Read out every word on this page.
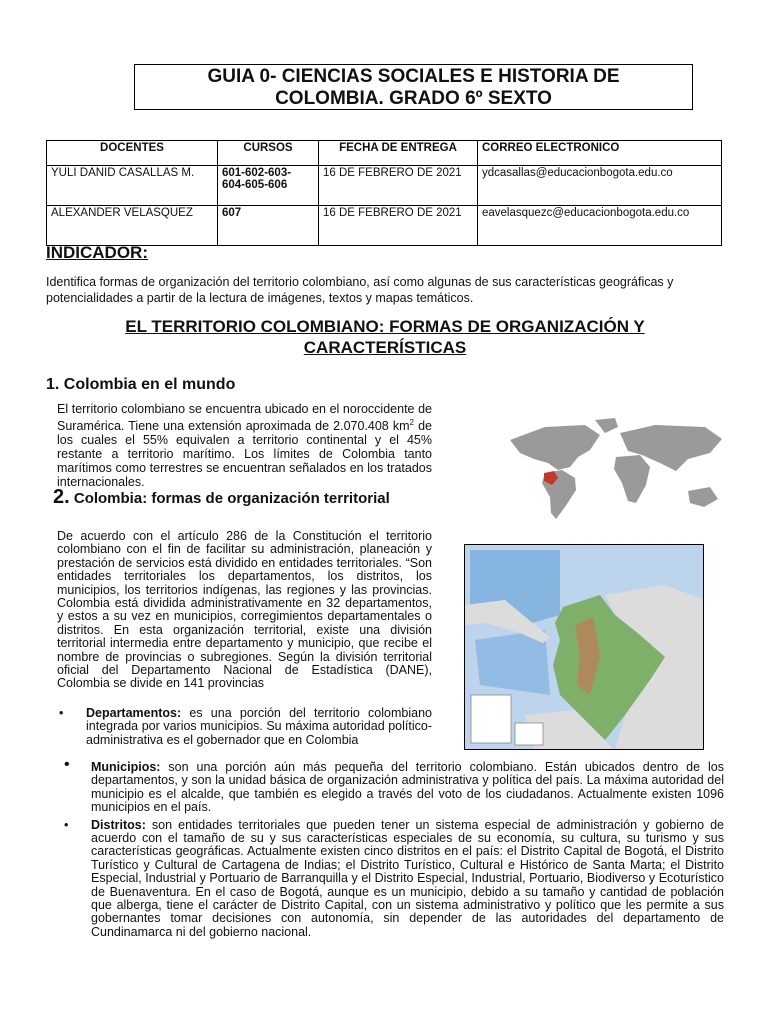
GUIA 0- CIENCIAS SOCIALES E HISTORIA DE
COLOMBIA. GRADO 6º SEXTO
DOCENTES	CURSOS	FECHA DE ENTREGA	CORREO ELECTRONICO
YULI DANID CASALLAS M.	601-602-603-604-605-606	16 DE FEBRERO DE 2021	ydcasallas@educacionbogota.edu.co
ALEXANDER VELASQUEZ	607	16 DE FEBRERO DE 2021	eavelasquezc@educacionbogota.edu.co
INDICADOR:
Identifica formas de organización del territorio colombiano, así como algunas de sus características geográficas y potencialidades a partir de la lectura de imágenes, textos y mapas temáticos.
EL TERRITORIO COLOMBIANO: FORMAS DE ORGANIZACIÓN Y
CARACTERÍSTICAS
1. Colombia en el mundo
El territorio colombiano se encuentra ubicado en el noroccidente de Suramérica. Tiene una extensión aproximada de 2.070.408 $km^2$ de los cuales el 55% equivalen a territorio continental y el 45% restante a territorio marítimo. Los límites de Colombia tanto marítimos como terrestres se encuentran señalados en los tratados internacionales.
2. Colombia: formas de organización territorial
De acuerdo con el artículo 286 de la Constitución el territorio colombiano con el fin de facilitar su administración, planeación y prestación de servicios está dividido en entidades territoriales. “Son entidades territoriales los departamentos, los distritos, los municipios, los territorios indígenas, las regiones y las provincias. Colombia está dividida administrativamente en 32 departamentos, y estos a su vez en municipios, corregimientos departamentales o distritos. En esta organización territorial, existe una división territorial intermedia entre departamento y municipio, que recibe el nombre de provincias o subregiones. Según la división territorial oficial del Departamento Nacional de Estadística (DANE), Colombia se divide en 141 provincias
• Departamentos: es una porción del territorio colombiano integrada por varios municipios. Su máxima autoridad político-administrativa es el gobernador que en Colombia
• Municipios: son una porción aún más pequeña del territorio colombiano. Están ubicados dentro de los departamentos, y son la unidad básica de organización administrativa y política del país. La máxima autoridad del municipio es el alcalde, que también es elegido a través del voto de los ciudadanos. Actualmente existen 1096 municipios en el país.
• Distritos: son entidades territoriales que pueden tener un sistema especial de administración y gobierno de acuerdo con el tamaño de su y sus características especiales de su economía, su cultura, su turismo y sus características geográficas. Actualmente existen cinco distritos en el país: el Distrito Capital de Bogotá, el Distrito Turístico y Cultural de Cartagena de Indias; el Distrito Turístico, Cultural e Histórico de Santa Marta; el Distrito Especial, Industrial y Portuario de Barranquilla y el Distrito Especial, Industrial, Portuario, Biodiverso y Ecoturístico de Buenaventura. En el caso de Bogotá, aunque es un municipio, debido a su tamaño y cantidad de población que alberga, tiene el carácter de Distrito Capital, con un sistema administrativo y político que les permite a sus gobernantes tomar decisiones con autonomía, sin depender de las autoridades del departamento de Cundinamarca ni del gobierno nacional.
